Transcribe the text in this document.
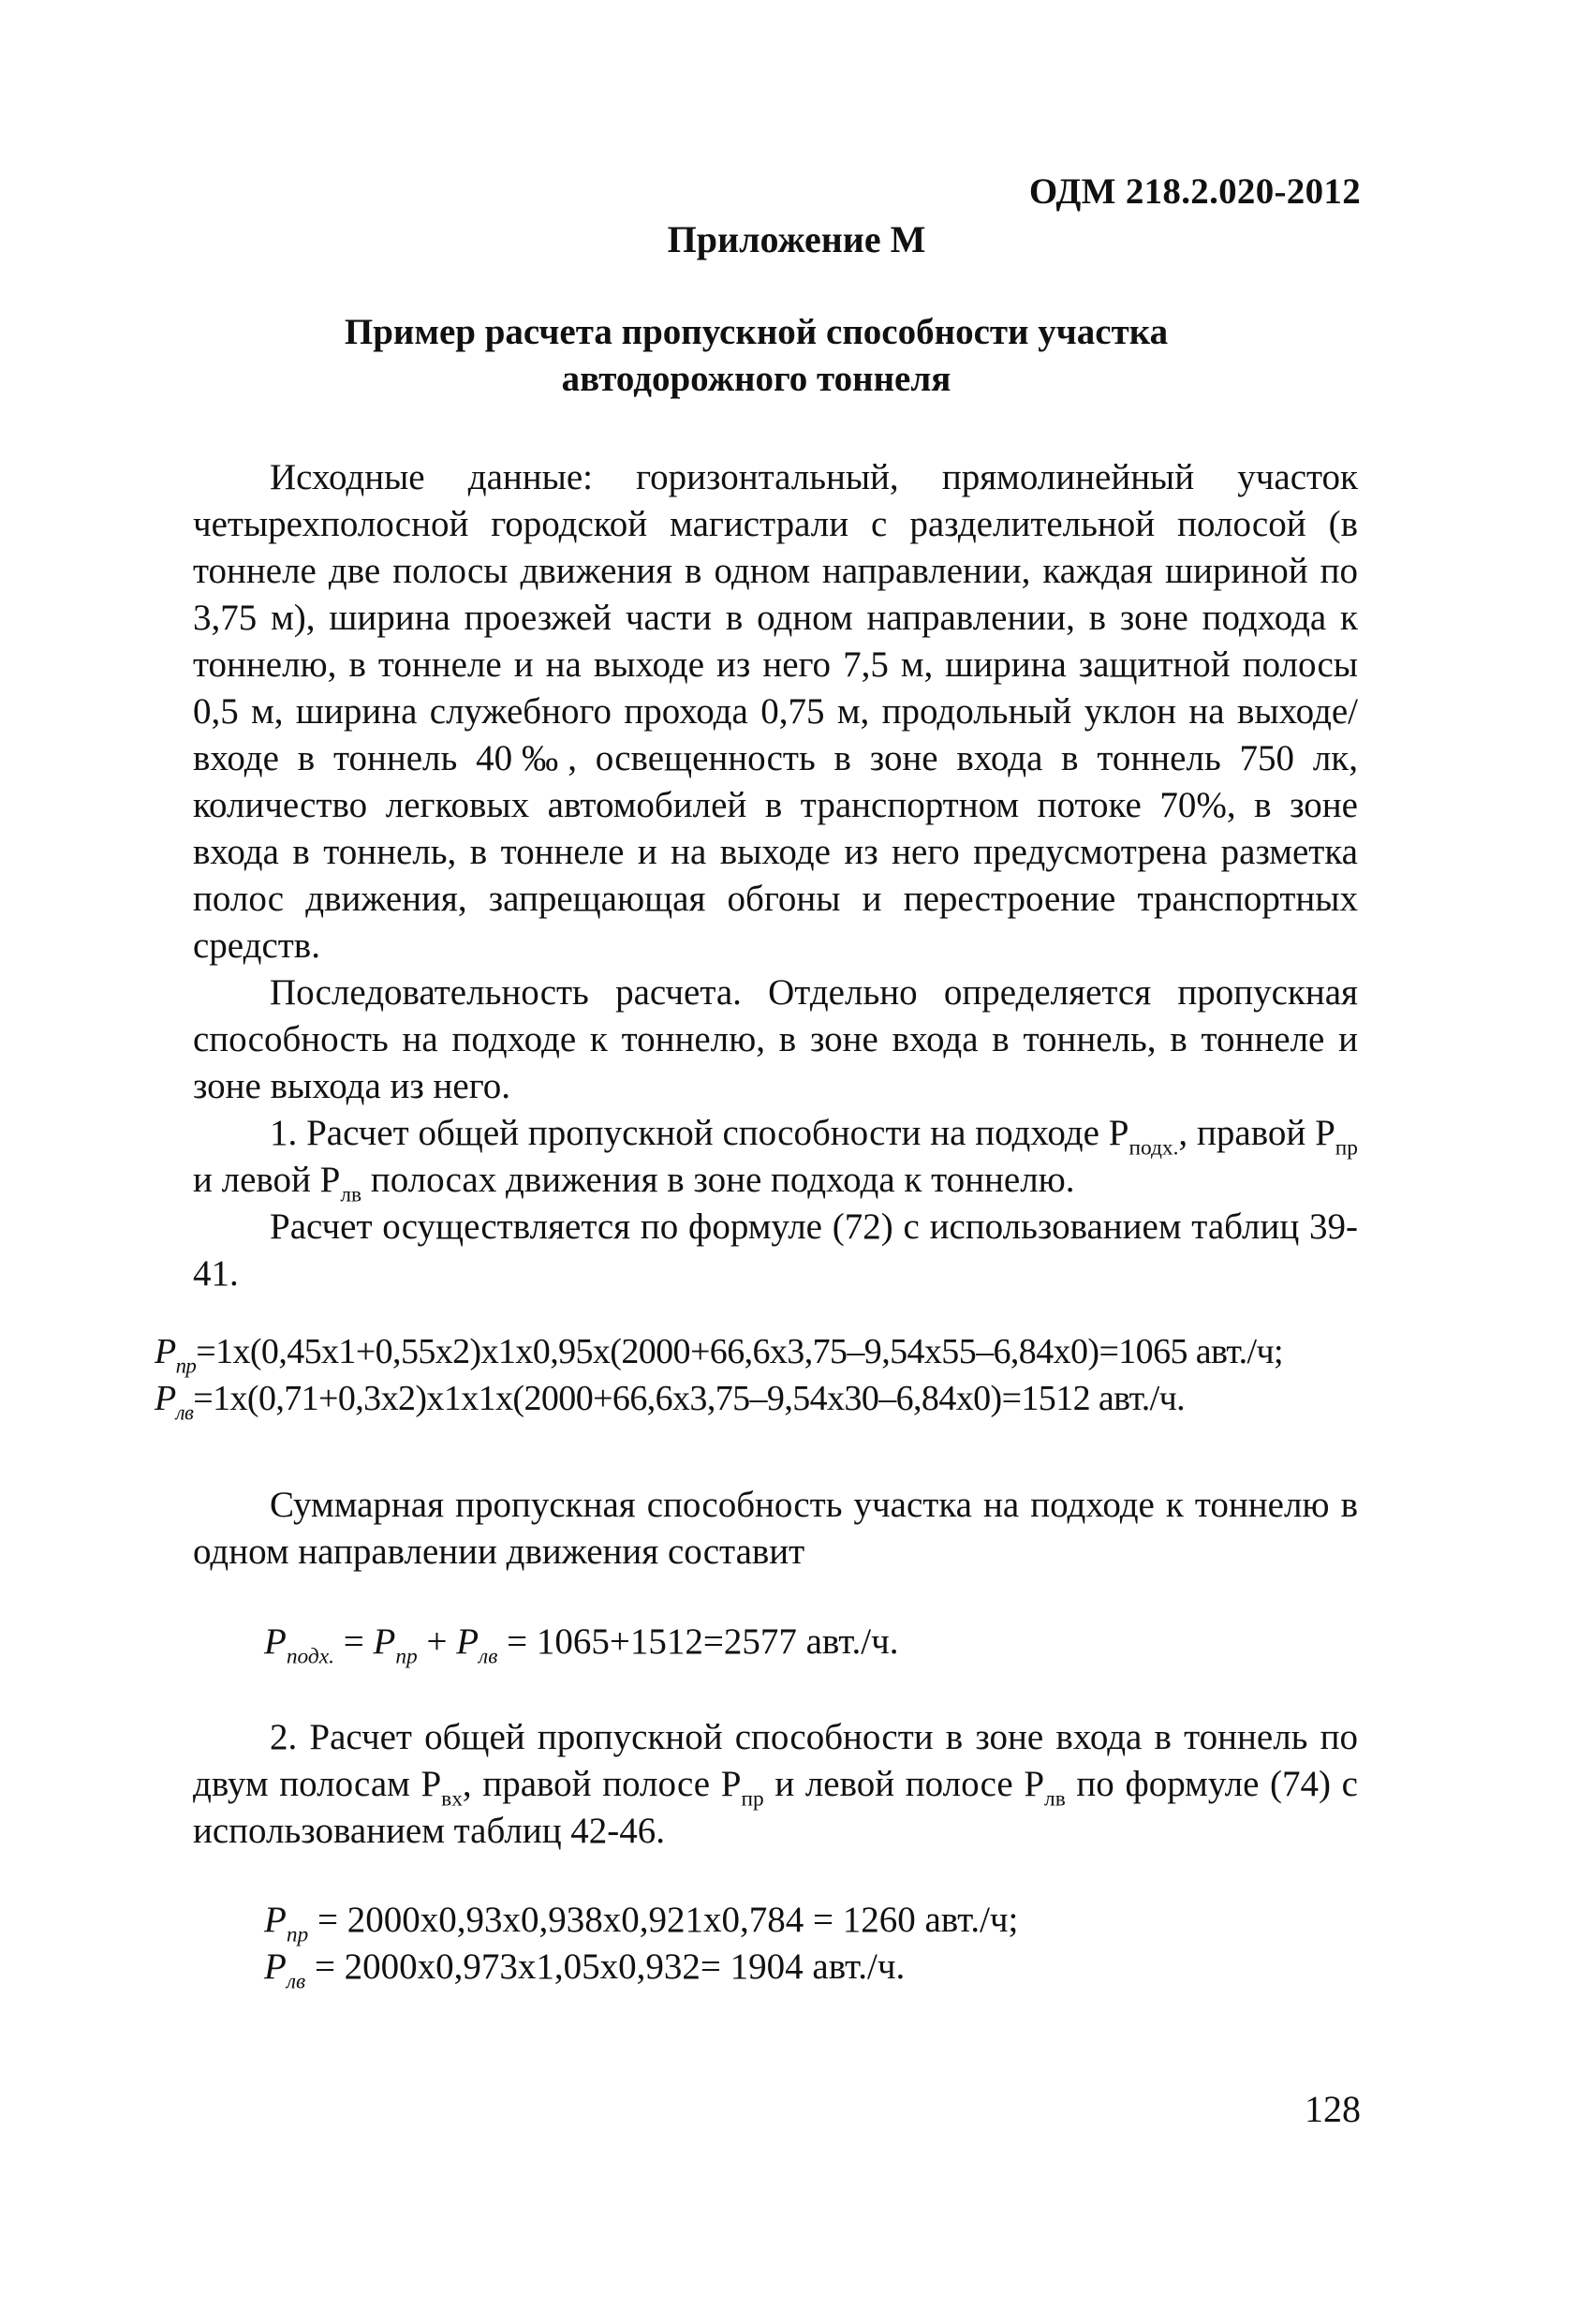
ОДМ 218.2.020-2012
Приложение М
Пример расчета пропускной способности участка
автодорожного тоннеля

Исходные данные: горизонтальный, прямолинейный участок четырехполосной городской магистрали с разделительной полосой (в тоннеле две полосы движения в одном направлении, каждая шириной по 3,75 м), ширина проезжей части в одном направлении, в зоне подхода к тоннелю, в тоннеле и на выходе из него 7,5 м, ширина защитной полосы 0,5 м, ширина служебного прохода 0,75 м, продольный уклон на выходе/ входе в тоннель 40‰, освещенность в зоне входа в тоннель 750 лк, количество легковых автомобилей в транспортном потоке 70%, в зоне входа в тоннель, в тоннеле и на выходе из него предусмотрена разметка полос движения, запрещающая обгоны и перестроение транспортных средств.

Последовательность расчета. Отдельно определяется пропускная способность на подходе к тоннелю, в зоне входа в тоннель, в тоннеле и зоне выхода из него.

1. Расчет общей пропускной способности на подходе $Р_{подх.}$, правой $Р_{пр}$ и левой $Р_{лв}$ полосах движения в зоне подхода к тоннелю.

Расчет осуществляется по формуле (72) с использованием таблиц 39-41.

$P_{пр}=1x(0,45x1+0,55x2)x1x0,95x(2000+66,6x3,75-9,54x55-6,84x0)=1065$ авт./ч;
$P_{лв}=1x(0,71+0,3x2)x1x1x(2000+66,6x3,75-9,54x30-6,84x0)=1512$ авт./ч.

Суммарная пропускная способность участка на подходе к тоннелю в одном направлении движения составит

$P_{подх.} = P_{пр} + P_{лв} = 1065+1512=2577$ авт./ч.

2. Расчет общей пропускной способности в зоне входа в тоннель по двум полосам $Р_{вх}$, правой полосе $Р_{пр}$ и левой полосе $Р_{лв}$ по формуле (74) с использованием таблиц 42-46.

$P_{пр} = 2000x0,93x0,938x0,921x0,784 = 1260$ авт./ч;
$P_{лв} = 2000x0,973x1,05x0,932= 1904$ авт./ч.
128
